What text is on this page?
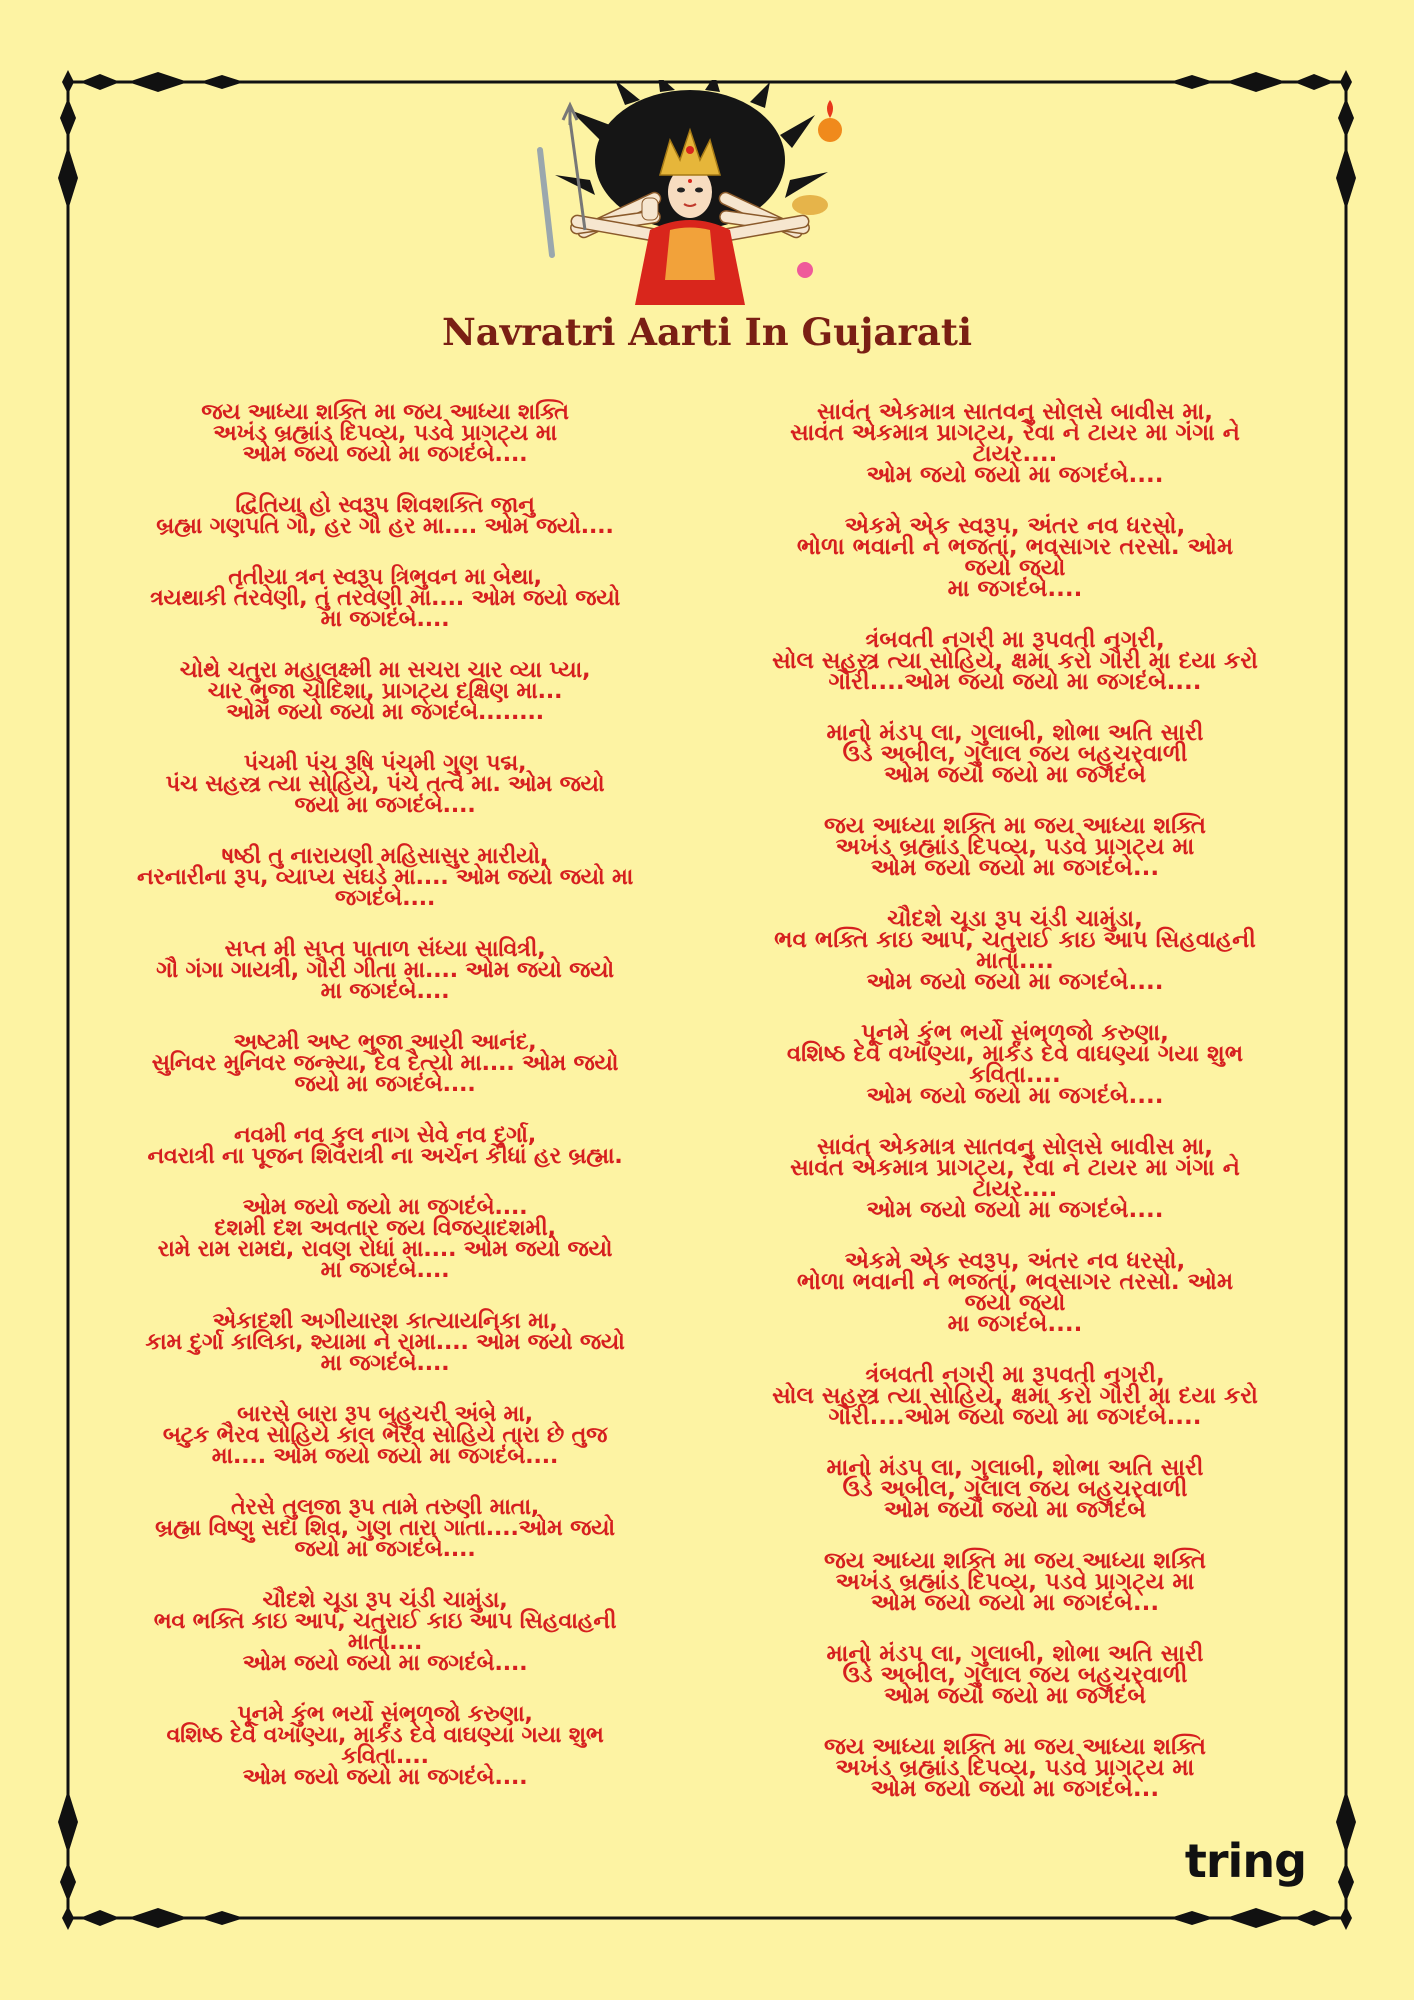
Navratri Aarti In Gujarati
જય આધ્યા શક્તિ મા જય આધ્યા શક્તિ
અખંડ બ્રહ્માંડ દિપવ્ય, પડવે પ્રાગટ્ય મા
ઓમ જયો જયો મા જગદંબે....
દ્વિતિયા હો સ્વરૂપ શિવશક્તિ જાનુ
બ્રહ્મા ગણપતિ ગૌ, હર ગૌ હર મા.... ઓમ જયો....
તૃતીયા ત્રન સ્વરૂપ ત્રિભુવન મા બેથા,
ત્રયથાકી તરવેણી, તું તરવેણી મા.... ઓમ જયો જયો
મા જગદંબે....
ચોથે ચતુરા મહાલક્ષ્મી મા સચરા ચાર વ્યા પ્યા,
ચાર ભુજા ચૌદિશા, પ્રાગટ્ય દક્ષિણ મા...
ઓમ જયો જયો મા જગદંબે........
પંચમી પંચ રૂષિ પંચમી ગુણ પદ્મ,
પંચ સહસ્ત્ર ત્યા સોહિયે, પંચે તત્વે મા. ઓમ જયો
જયો મા જગદંબે....
ષષ્ઠી તુ નારાયણી મહિસાસુર મારીયો,
નરનારીના રૂપ, વ્યાપ્ય સઘડે મા.... ઓમ જયો જયો મા
જગદંબે....
સપ્ત મી સપ્ત પાતાળ સંધ્યા સાવિત્રી,
ગૌ ગંગા ગાયત્રી, ગૌરી ગીતા મા.... ઓમ જયો જયો
મા જગદંબે....
અષ્ટમી અષ્ટ ભુજા આયી આનંદ,
સુનિવર મુનિવર જન્મ્યા, દેવ દૈત્યો મા.... ઓમ જયો
જયો મા જગદંબે....
નવમી નવ કુલ નાગ સેવે નવ દુર્ગા,
નવરાત્રી ના પૂજન શિવરાત્રી ના અર્ચન કીધાં હર બ્રહ્મા.
ઓમ જયો જયો મા જગદંબે....
દશમી દશ અવતાર જય વિજયાદશમી,
રામે રામ રામદ્ય, રાવણ રોધાં મા.... ઓમ જયો જયો
મા જગદંબે....
એકાદશી અગીયારશ કાત્યાયનિકા મા,
કામ દુર્ગા કાલિકા, શ્યામા ને રામા.... ઓમ જયો જયો
મા જગદંબે....
બારસે બારા રૂપ બહુચરી અંબે મા,
બટુક ભૈરવ સોહિયે કાલ ભૈરવ સોહિયે તારા છે તુજ
મા.... ઓમ જયો જયો મા જગદંબે....
તેરસે તુલજા રૂપ તામે તરુણી માતા,
બ્રહ્મા વિષ્ણુ સદા શિવ, ગુણ તારા ગાતા....ઓમ જયો
જયો મા જગદંબે....
ચૌદશે ચૂડા રૂપ ચંડી ચામુંડા,
ભવ ભક્તિ કાઇ આપ, ચતુરાઈ કાઇ આપ સિહવાહની
માતા....
ઓમ જયો જયો મા જગદંબે....
પૂનમે કુંભ ભર્યો સંભળજો કરુણા,
વશિષ્ઠ દેવે વખાણ્યા, માર્કંડ દેવે વાઘણ્યા ગયા શુભ
કવિતા....
ઓમ જયો જયો મા જગદંબે....
સાવંત એકમાત્ર સાતવનુ સોલસે બાવીસ મા,
સાવંત એકમાત્ર પ્રાગટ્ય, રેવા ને ટાયર મા ગંગા ને
ટાયર....
ઓમ જયો જયો મા જગદંબે....
એકમે એક સ્વરૂપ, અંતર નવ ધરસો,
ભોળા ભવાની ને ભજતાં, ભવસાગર તરસો. ઓમ
જયો જયો
મા જગદંબે....
ત્રંબવતી નગરી મા રૂપવતી નગરી,
સોલ સહસ્ત્ર ત્યા સોહિયે, ક્ષમા કરો ગૌરી મા દયા કરો
ગૌરી....ઓમ જયો જયો મા જગદંબે....
માનો મંડપ લા, ગુલાબી, શોભા અતિ સારી
ઉડે અબીલ, ગુલાલ જય બહુચરવાળી
ઓમ જયો જયો મા જગદંબે
જય આધ્યા શક્તિ મા જય આધ્યા શક્તિ
અખંડ બ્રહ્માંડ દિપવ્ય, પડવે પ્રાગટ્ય મા
ઓમ જયો જયો મા જગદંબે...
ચૌદશે ચૂડા રૂપ ચંડી ચામુંડા,
ભવ ભક્તિ કાઇ આપ, ચતુરાઈ કાઇ આપ સિહવાહની
માતા....
ઓમ જયો જયો મા જગદંબે....
પૂનમે કુંભ ભર્યો સંભળજો કરુણા,
વશિષ્ઠ દેવે વખાણ્યા, માર્કંડ દેવે વાઘણ્યા ગયા શુભ
કવિતા....
ઓમ જયો જયો મા જગદંબે....
સાવંત એકમાત્ર સાતવનુ સોલસે બાવીસ મા,
સાવંત એકમાત્ર પ્રાગટ્ય, રેવા ને ટાયર મા ગંગા ને
ટાયર....
ઓમ જયો જયો મા જગદંબે....
એકમે એક સ્વરૂપ, અંતર નવ ધરસો,
ભોળા ભવાની ને ભજતાં, ભવસાગર તરસો. ઓમ
જયો જયો
મા જગદંબે....
ત્રંબવતી નગરી મા રૂપવતી નગરી,
સોલ સહસ્ત્ર ત્યા સોહિયે, ક્ષમા કરો ગૌરી મા દયા કરો
ગૌરી....ઓમ જયો જયો મા જગદંબે....
માનો મંડપ લા, ગુલાબી, શોભા અતિ સારી
ઉડે અબીલ, ગુલાલ જય બહુચરવાળી
ઓમ જયો જયો મા જગદંબે
જય આધ્યા શક્તિ મા જય આધ્યા શક્તિ
અખંડ બ્રહ્માંડ દિપવ્ય, પડવે પ્રાગટ્ય મા
ઓમ જયો જયો મા જગદંબે...
માનો મંડપ લા, ગુલાબી, શોભા અતિ સારી
ઉડે અબીલ, ગુલાલ જય બહુચરવાળી
ઓમ જયો જયો મા જગદંબે
જય આધ્યા શક્તિ મા જય આધ્યા શક્તિ
અખંડ બ્રહ્માંડ દિપવ્ય, પડવે પ્રાગટ્ય મા
ઓમ જયો જયો મા જગદંબે...
tring
